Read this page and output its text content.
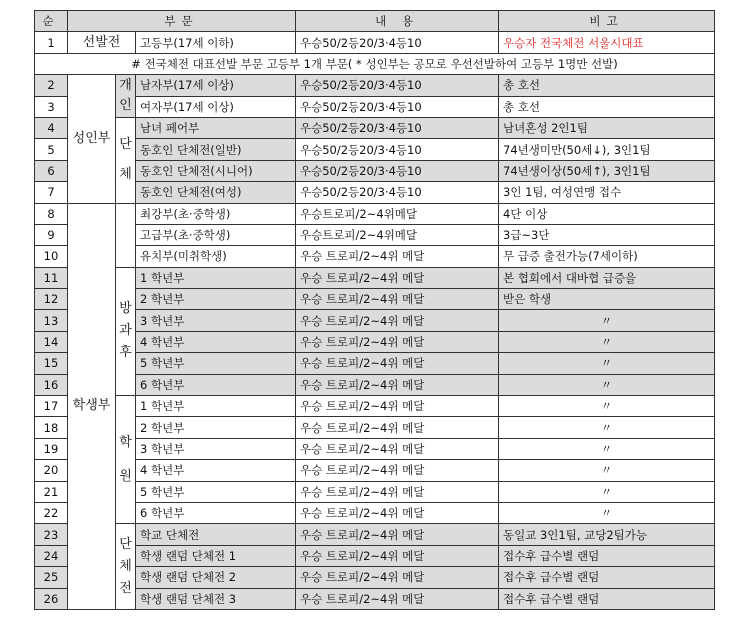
순	부문			내 용	비고
1	선발전		고등부(17세 이하)	우승50/2등20/3·4등10	우승자 전국체전 서울시대표
# 전국체전 대표선발 부문 고등부 1개 부문( * 성인부는 공모로 우선선발하여 고등부 1명만 선발)					
2	성인부	개인	남자부(17세 이상)	우승50/2등20/3·4등10	총 호선
3			여자부(17세 이상)	우승50/2등20/3·4등10	총 호선
4		단체	남녀 페어부	우승50/2등20/3·4등10	남녀혼성 2인1팀
5			동호인 단체전(일반)	우승50/2등20/3·4등10	74년생미만(50세↓), 3인1팀
6			동호인 단체전(시니어)	우승50/2등20/3·4등10	74년생이상(50세↑), 3인1팀
7			동호인 단체전(여성)	우승50/2등20/3·4등10	3인 1팀, 여성연맹 접수
8	학생부		최강부(초·중학생)	우승트로피/2~4위메달	4단 이상
9			고급부(초·중학생)	우승트로피/2~4위메달	3급~3단
10			유치부(미취학생)	우승 트로피/2~4위 메달	무 급증 출전가능(7세이하)
11		방과후	1 학년부	우승 트로피/2~4위 메달	본 협회에서 대바협 급증을
12			2 학년부	우승 트로피/2~4위 메달	받은 학생
13			3 학년부	우승 트로피/2~4위 메달	〃
14			4 학년부	우승 트로피/2~4위 메달	〃
15			5 학년부	우승 트로피/2~4위 메달	〃
16			6 학년부	우승 트로피/2~4위 메달	〃
17		학원	1 학년부	우승 트로피/2~4위 메달	〃
18			2 학년부	우승 트로피/2~4위 메달	〃
19			3 학년부	우승 트로피/2~4위 메달	〃
20			4 학년부	우승 트로피/2~4위 메달	〃
21			5 학년부	우승 트로피/2~4위 메달	〃
22			6 학년부	우승 트로피/2~4위 메달	〃
23		단체전	학교 단체전	우승 트로피/2~4위 메달	동일교 3인1팀, 교당2팀가능
24			학생 랜덤 단체전 1	우승 트로피/2~4위 메달	접수후 급수별 랜덤
25			학생 랜덤 단체전 2	우승 트로피/2~4위 메달	접수후 급수별 랜덤
26			학생 랜덤 단체전 3	우승 트로피/2~4위 메달	접수후 급수별 랜덤
